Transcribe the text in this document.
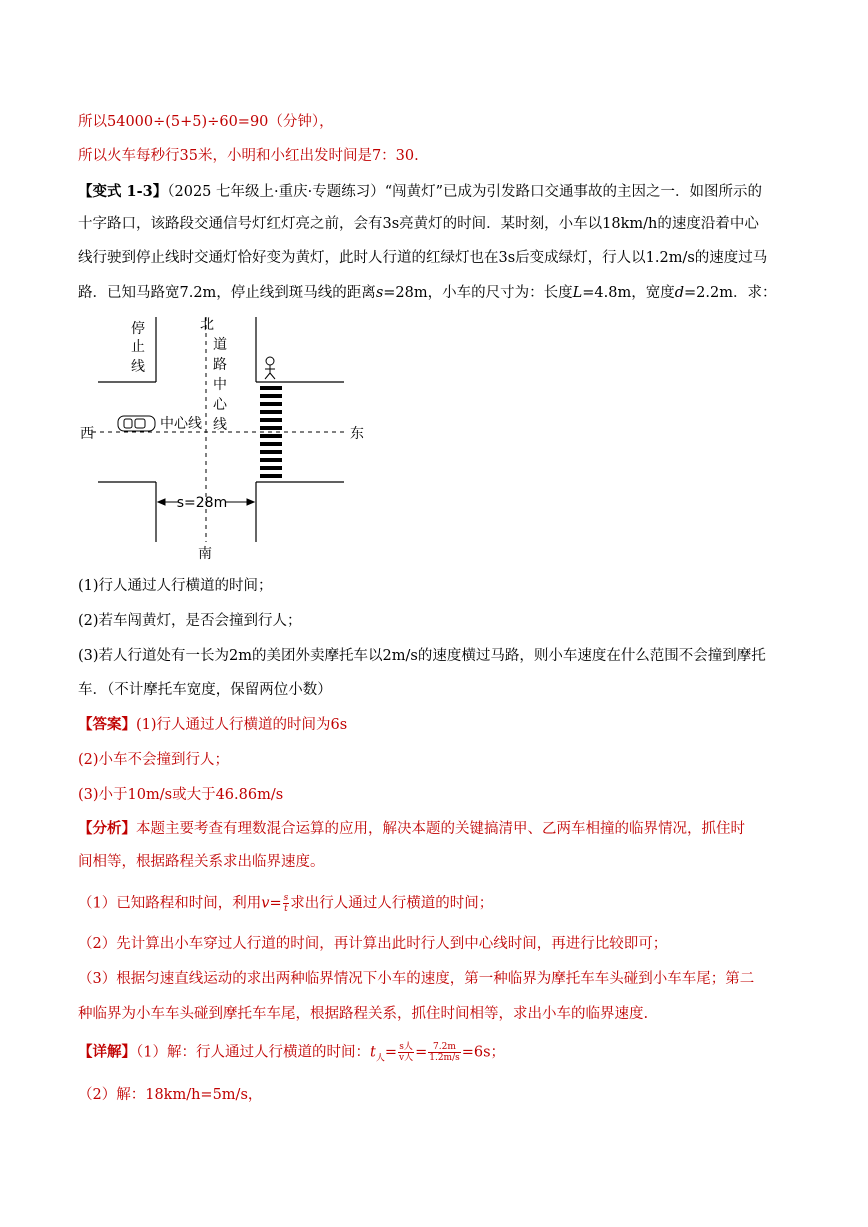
所以54000÷(5+5)÷60=90（分钟），
所以火车每秒行35米，小明和小红出发时间是7：30.
【变式 1-3】（2025 七年级上·重庆·专题练习）“闯黄灯”已成为引发路口交通事故的主因之一．如图所示的
十字路口，该路段交通信号灯红灯亮之前，会有3s亮黄灯的时间．某时刻，小车以18km/h的速度沿着中心
线行驶到停止线时交通灯恰好变为黄灯，此时人行道的红绿灯也在3s后变成绿灯，行人以1.2m/s的速度过马
路．已知马路宽7.2m，停止线到斑马线的距离s=28m，小车的尺寸为：长度L=4.8m，宽度d=2.2m．求：
停
止
线
北
道
路
中
心
线
中心线
西	东
南
s=28m
(1)行人通过人行横道的时间；
(2)若车闯黄灯，是否会撞到行人；
(3)若人行道处有一长为2m的美团外卖摩托车以2m/s的速度横过马路，则小车速度在什么范围不会撞到摩托
车．（不计摩托车宽度，保留两位小数）
【答案】(1)行人通过人行横道的时间为6s
(2)小车不会撞到行人；
(3)小于10m/s或大于46.86m/s
【分析】本题主要考查有理数混合运算的应用，解决本题的关键搞清甲、乙两车相撞的临界情况，抓住时
间相等，根据路程关系求出临界速度。
（1）已知路程和时间，利用$v= \frac{s}{t}$ 求出行人通过人行横道的时间；
（2）先计算出小车穿过人行道的时间，再计算出此时行人到中心线时间，再进行比较即可；
（3）根据匀速直线运动的求出两种临界情况下小车的速度，第一种临界为摩托车车头碰到小车车尾；第二
种临界为小车车头碰到摩托车车尾，根据路程关系，抓住时间相等，求出小车的临界速度.
【详解】（1）解：行人通过人行横道的时间：$t_人= \frac{\text{s人}}{\text{v人}} = \frac{7.2m}{1.2m/s} =6s$；
（2）解：18km/h=5m/s，
